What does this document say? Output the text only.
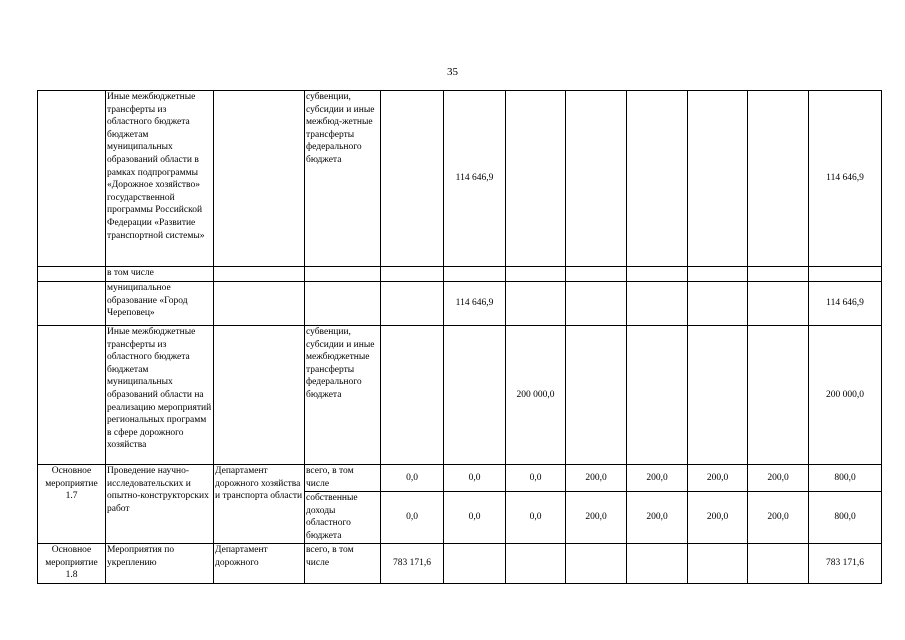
35
	Иные межбюджетные трансферты из областного бюджета бюджетам муниципальных образований области в рамках подпрограммы «Дорожное хозяйство» государственной программы Российской Федерации «Развитие транспортной системы»		субвенции, субсидии и иные межбюд-жетные трансферты федерального бюджета		114 646,9						114 646,9
	в том числе										
	муниципальное образование «Город Череповец»				114 646,9						114 646,9
	Иные межбюджетные трансферты из областного бюджета бюджетам муниципальных образований области на реализацию мероприятий региональных программ в сфере дорожного хозяйства		субвенции, субсидии и иные межбюджетные трансферты федерального бюджета			200 000,0					200 000,0
Основное мероприятие 1.7	Проведение научно-исследовательских и опытно-конструкторских работ	Департамент дорожного хозяйства и транспорта области	всего, в том числе	0,0	0,0	0,0	200,0	200,0	200,0	200,0	800,0
			собственные доходы областного бюджета	0,0	0,0	0,0	200,0	200,0	200,0	200,0	800,0
Основное мероприятие 1.8	Мероприятия по укреплению	Департамент дорожного	всего, в том числе	783 171,6							783 171,6
